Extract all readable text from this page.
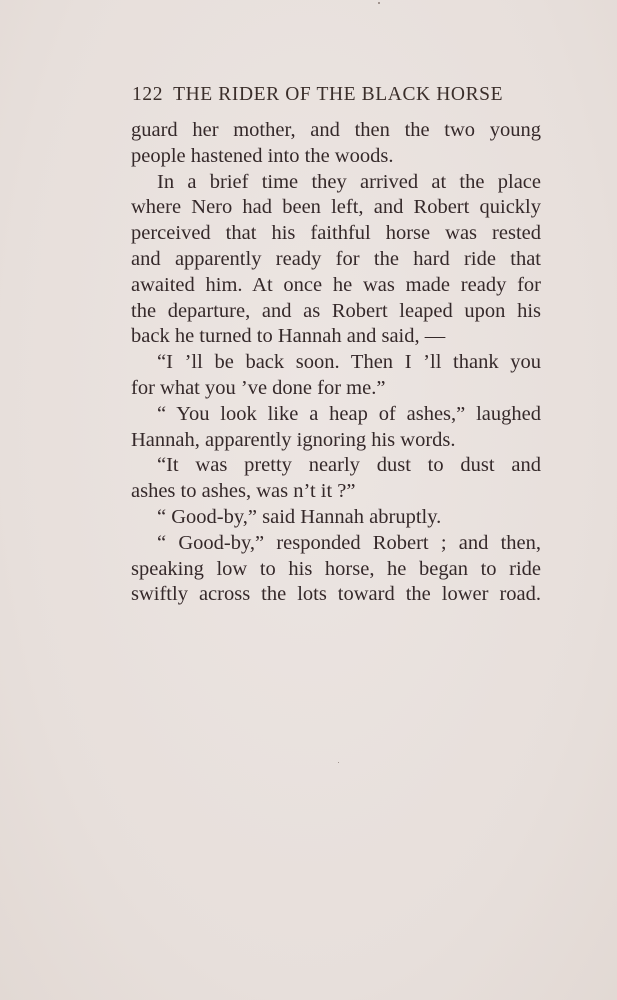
122 THE RIDER OF THE BLACK HORSE
guard her mother, and then the two young
people hastened into the woods.
In a brief time they arrived at the place
where Nero had been left, and Robert quickly
perceived that his faithful horse was rested
and apparently ready for the hard ride that
awaited him. At once he was made ready for
the departure, and as Robert leaped upon his
back he turned to Hannah and said, —
“I ’ll be back soon. Then I ’ll thank you
for what you ’ve done for me.”
“ You look like a heap of ashes,” laughed
Hannah, apparently ignoring his words.
“It was pretty nearly dust to dust and
ashes to ashes, was n’t it ?”
“ Good-by,” said Hannah abruptly.
“ Good-by,” responded Robert ; and then,
speaking low to his horse, he began to ride
swiftly across the lots toward the lower road.
